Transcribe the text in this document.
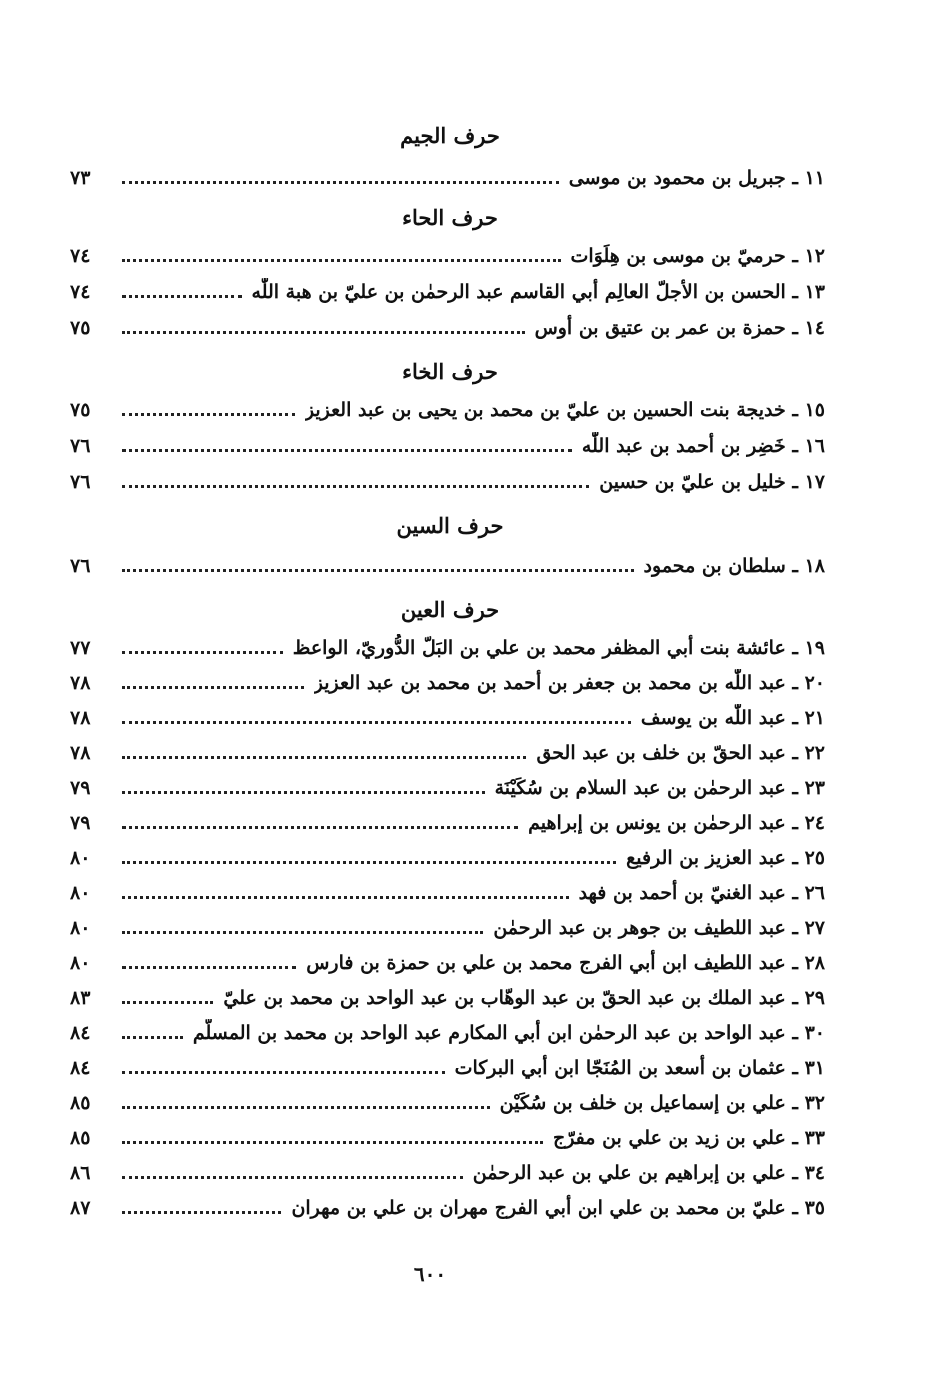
حرف الجيم
١١ ـ جبريل بن محمود بن موسى
٧٣
حرف الحاء
١٢ ـ حرميّ بن موسى بن هِلَوَات
٧٤
١٣ ـ الحسن بن الأجلّ العالِم أبي القاسم عبد الرحمٰن بن عليّ بن هبة اللّٰه
٧٤
١٤ ـ حمزة بن عمر بن عتيق بن أوس
٧٥
حرف الخاء
١٥ ـ خديجة بنت الحسين بن عليّ بن محمد بن يحيى بن عبد العزيز
٧٥
١٦ ـ خَضِر بن أحمد بن عبد اللّٰه
٧٦
١٧ ـ خليل بن عليّ بن حسين
٧٦
حرف السين
١٨ ـ سلطان بن محمود
٧٦
حرف العين
١٩ ـ عائشة بنت أبي المظفر محمد بن علي بن البَلّ الدُّوريّ، الواعظ
٧٧
٢٠ ـ عبد اللّٰه بن محمد بن جعفر بن أحمد بن محمد بن عبد العزيز
٧٨
٢١ ـ عبد اللّٰه بن يوسف
٧٨
٢٢ ـ عبد الحقّ بن خلف بن عبد الحق
٧٨
٢٣ ـ عبد الرحمٰن بن عبد السلام بن سُكَيْنَة
٧٩
٢٤ ـ عبد الرحمٰن بن يونس بن إبراهيم
٧٩
٢٥ ـ عبد العزيز بن الرفيع
٨٠
٢٦ ـ عبد الغنيّ بن أحمد بن فهد
٨٠
٢٧ ـ عبد اللطيف بن جوهر بن عبد الرحمٰن
٨٠
٢٨ ـ عبد اللطيف ابن أبي الفرج محمد بن علي بن حمزة بن فارس
٨٠
٢٩ ـ عبد الملك بن عبد الحقّ بن عبد الوهّاب بن عبد الواحد بن محمد بن عليّ
٨٣
٣٠ ـ عبد الواحد بن عبد الرحمٰن ابن أبي المكارم عبد الواحد بن محمد بن المسلّم
٨٤
٣١ ـ عثمان بن أسعد بن المُنَجّا ابن أبي البركات
٨٤
٣٢ ـ علي بن إسماعيل بن خلف بن سُكَيْن
٨٥
٣٣ ـ علي بن زيد بن علي بن مفرّج
٨٥
٣٤ ـ علي بن إبراهيم بن علي بن عبد الرحمٰن
٨٦
٣٥ ـ عليّ بن محمد بن علي ابن أبي الفرج مهران بن علي بن مهران
٨٧
٦٠٠
